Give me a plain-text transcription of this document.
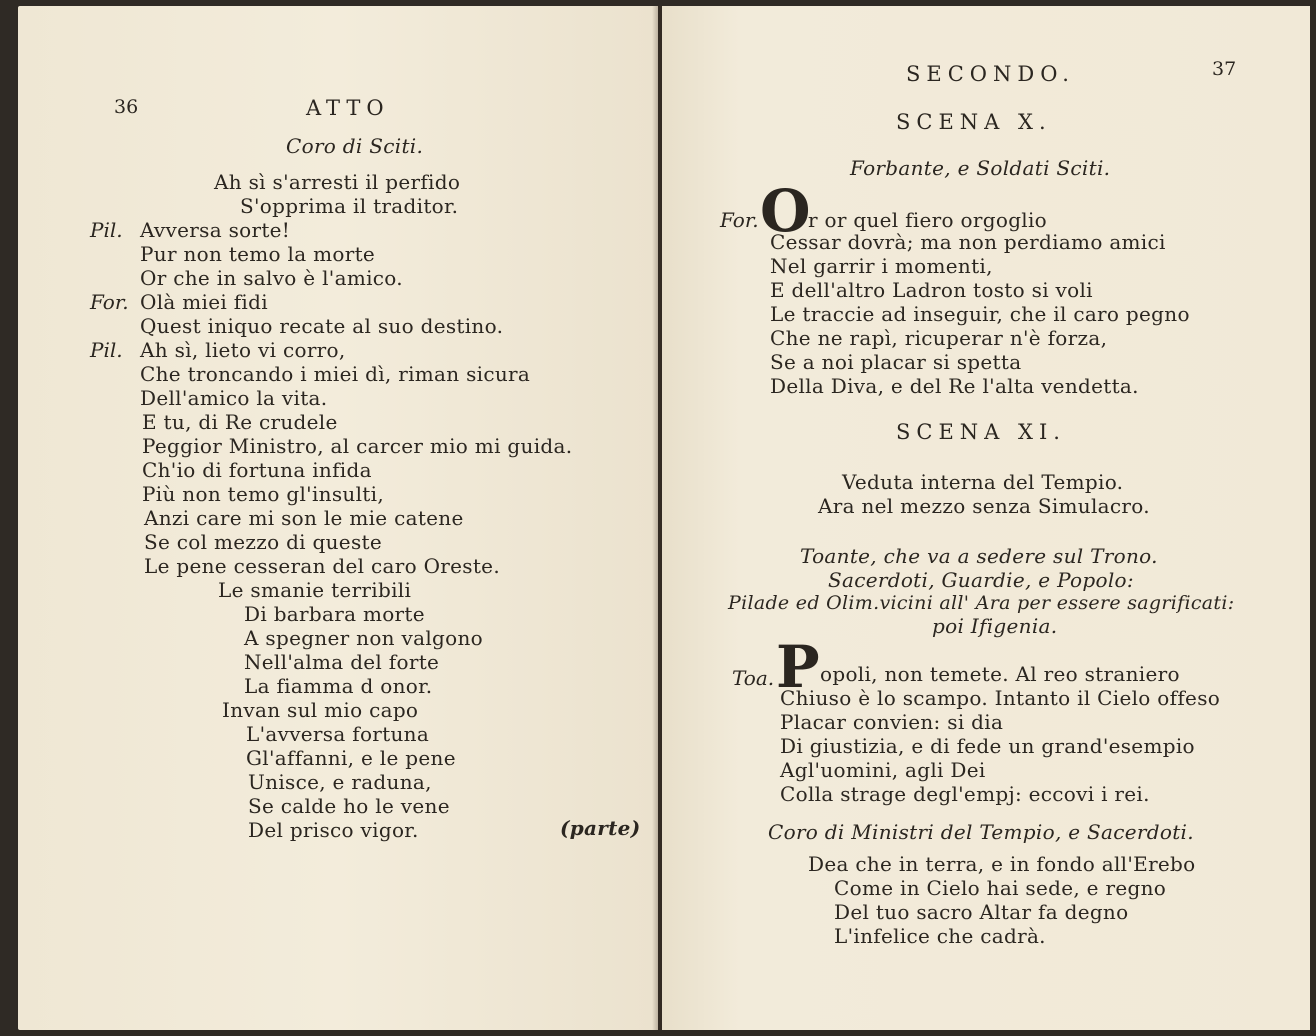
36	ATTO
Coro di Sciti.
Ah sì s'arresti il perfido
S'opprima il traditor.
Pil. Avversa sorte!
Pur non temo la morte
Or che in salvo è l'amico.
For. Olà miei fidi
Quest iniquo recate al suo destino.
Pil. Ah sì, lieto vi corro,
Che troncando i miei dì, riman sicura
Dell'amico la vita.
E tu, di Re crudele
Peggior Ministro, al carcer mio mi guida.
Ch'io di fortuna infida
Più non temo gl'insulti,
Anzi care mi son le mie catene
Se col mezzo di queste
Le pene cesseran del caro Oreste.
Le smanie terribili
Di barbara morte
A spegner non valgono
Nell'alma del forte
La fiamma d onor.
Invan sul mio capo
L'avversa fortuna
Gl'affanni, e le pene
Unisce, e raduna,
Se calde ho le vene
Del prisco vigor.	(parte)
SECONDO.	37
SCENA X.
Forbante, e Soldati Sciti.
For. O
r or quel fiero orgoglio
Cessar dovrà; ma non perdiamo amici
Nel garrir i momenti,
E dell'altro Ladron tosto si voli
Le traccie ad inseguir, che il caro pegno
Che ne rapì, ricuperar n'è forza,
Se a noi placar si spetta
Della Diva, e del Re l'alta vendetta.
SCENA XI.
Veduta interna del Tempio.
Ara nel mezzo senza Simulacro.
Toante, che va a sedere sul Trono.
Sacerdoti, Guardie, e Popolo:
Pilade ed Olim.vicini all' Ara per essere sagrificati:
poi Ifigenia.
Toa. P opoli, non temete. Al reo straniero
Chiuso è lo scampo. Intanto il Cielo offeso
Placar convien: si dia
Di giustizia, e di fede un grand'esempio
Agl'uomini, agli Dei
Colla strage degl'empj: eccovi i rei.
Coro di Ministri del Tempio, e Sacerdoti.
Dea che in terra, e in fondo all'Erebo
Come in Cielo hai sede, e regno
Del tuo sacro Altar fa degno
L'infelice che cadrà.
